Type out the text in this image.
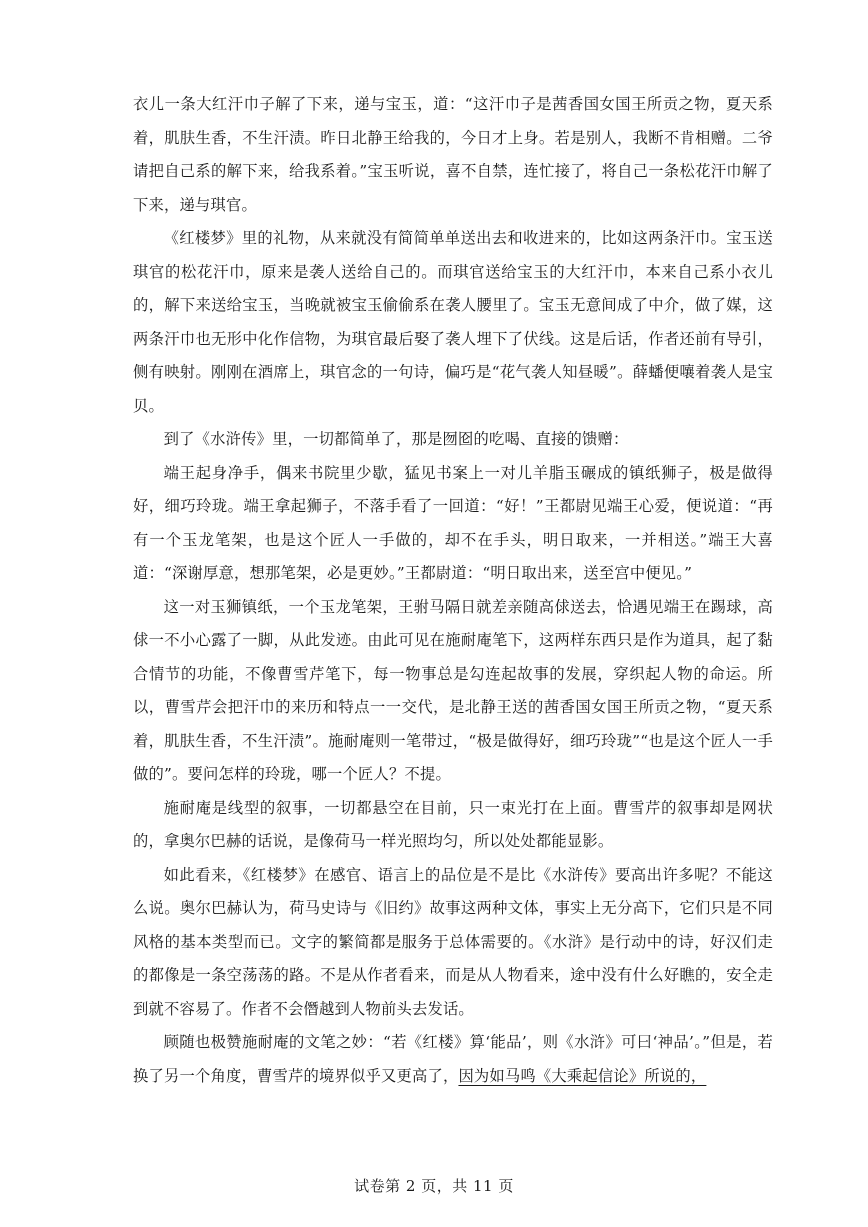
衣儿一条大红汗巾子解了下来，递与宝玉，道：“这汗巾子是茜香国女国王所贡之物，夏天系着，肌肤生香，不生汗渍。昨日北静王给我的，今日才上身。若是别人，我断不肯相赠。二爷请把自己系的解下来，给我系着。”宝玉听说，喜不自禁，连忙接了，将自己一条松花汗巾解了下来，递与琪官。

《红楼梦》里的礼物，从来就没有简简单单送出去和收进来的，比如这两条汗巾。宝玉送琪官的松花汗巾，原来是袭人送给自己的。而琪官送给宝玉的大红汗巾，本来自己系小衣儿的，解下来送给宝玉，当晚就被宝玉偷偷系在袭人腰里了。宝玉无意间成了中介，做了媒，这两条汗巾也无形中化作信物，为琪官最后娶了袭人埋下了伏线。这是后话，作者还前有导引，侧有映射。刚刚在酒席上，琪官念的一句诗，偏巧是“花气袭人知昼暖”。薛蟠便嚷着袭人是宝贝。

到了《水浒传》里，一切都简单了，那是囫囵的吃喝、直接的馈赠：

端王起身净手，偶来书院里少歇，猛见书案上一对儿羊脂玉碾成的镇纸狮子，极是做得好，细巧玲珑。端王拿起狮子，不落手看了一回道：“好！”王都尉见端王心爱，便说道：“再有一个玉龙笔架，也是这个匠人一手做的，却不在手头，明日取来，一并相送。”端王大喜道：“深谢厚意，想那笔架，必是更妙。”王都尉道：“明日取出来，送至宫中便见。”

这一对玉狮镇纸，一个玉龙笔架，王驸马隔日就差亲随高俅送去，恰遇见端王在踢球，高俅一不小心露了一脚，从此发迹。由此可见在施耐庵笔下，这两样东西只是作为道具，起了黏合情节的功能，不像曹雪芹笔下，每一物事总是勾连起故事的发展，穿织起人物的命运。所以，曹雪芹会把汗巾的来历和特点一一交代，是北静王送的茜香国女国王所贡之物，“夏天系着，肌肤生香，不生汗渍”。施耐庵则一笔带过，“极是做得好，细巧玲珑”“也是这个匠人一手做的”。要问怎样的玲珑，哪一个匠人？不提。

施耐庵是线型的叙事，一切都悬空在目前，只一束光打在上面。曹雪芹的叙事却是网状的，拿奥尔巴赫的话说，是像荷马一样光照均匀，所以处处都能显影。

如此看来，《红楼梦》在感官、语言上的品位是不是比《水浒传》要高出许多呢？不能这么说。奥尔巴赫认为，荷马史诗与《旧约》故事这两种文体，事实上无分高下，它们只是不同风格的基本类型而已。文字的繁简都是服务于总体需要的。《水浒》是行动中的诗，好汉们走的都像是一条空荡荡的路。不是从作者看来，而是从人物看来，途中没有什么好瞧的，安全走到就不容易了。作者不会僭越到人物前头去发话。

顾随也极赞施耐庵的文笔之妙：“若《红楼》算‘能品’，则《水浒》可曰‘神品’。”但是，若换了另一个角度，曹雪芹的境界似乎又更高了，因为如马鸣《大乘起信论》所说的，

试卷第 2 页，共 11 页
